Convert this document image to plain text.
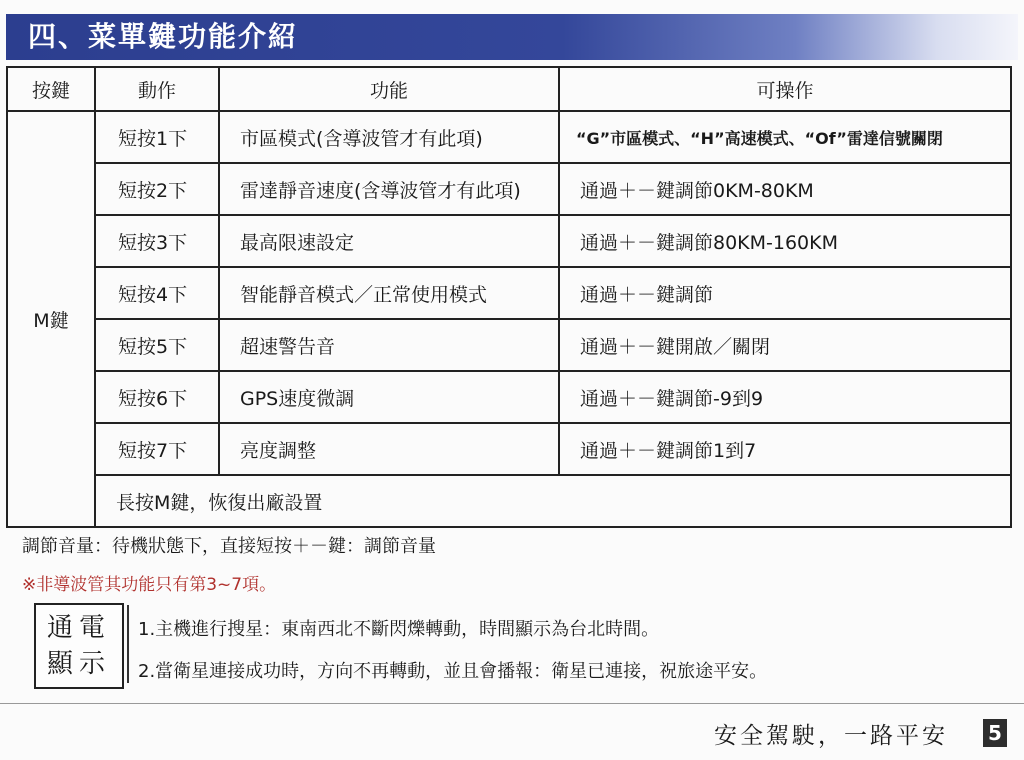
四、菜單鍵功能介紹
按鍵	動作	功能	可操作
M鍵	短按1下	市區模式(含導波管才有此項)	“G”市區模式、“H”高速模式、“Of”雷達信號關閉
	短按2下	雷達靜音速度(含導波管才有此項)	通過＋－鍵調節0KM-80KM
	短按3下	最高限速設定	通過＋－鍵調節80KM-160KM
	短按4下	智能靜音模式／正常使用模式	通過＋－鍵調節
	短按5下	超速警告音	通過＋－鍵開啟／關閉
	短按6下	GPS速度微調	通過＋－鍵調節-9到9
	短按7下	亮度調整	通過＋－鍵調節1到7
	長按M鍵，恢復出廠設置		
調節音量：待機狀態下，直接短按＋－鍵：調節音量
※非導波管其功能只有第3~7項。
通電
顯示
1.主機進行搜星：東南西北不斷閃爍轉動，時間顯示為台北時間。
2.當衛星連接成功時，方向不再轉動，並且會播報：衛星已連接，祝旅途平安。
安全駕駛，一路平安 5
